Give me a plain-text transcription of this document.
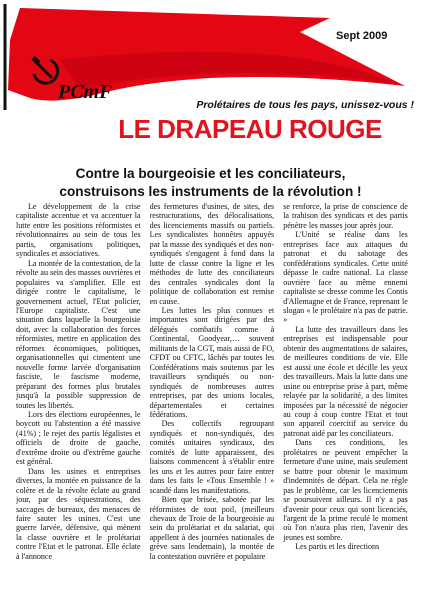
PCmF
Sept 2009
Prolétaires de tous les pays, unissez-vous !
LE DRAPEAU ROUGE
Contre la bourgeoisie et les conciliateurs,
construisons les instruments de la révolution !

Le développement de la crise capitaliste accentue et va accentuer la lutte entre les positions réformistes et révolutionnaires au sein de tous les partis, organisations politiques, syndicales et associatives.

La montée de la contestation, de la révolte au sein des masses ouvrières et populaires va s'amplifier. Elle est dirigée contre le capitalisme, le gouvernement actuel, l'Etat policier, l'Europe capitaliste. C'est une situation dans laquelle la bourgeoisie doit, avec la collaboration des forces réformistes, mettre en application des réformes économiques, politiques, organisationnelles qui cimentent une nouvelle forme larvée d'organisation fasciste, le fascisme moderne, préparant des formes plus brutales jusqu'à la possible suppression de toutes les libertés.

Lors des élections européennes, le boycott ou l'abstention a été massive (41%) ; le rejet des partis légalistes et officiels de droite de gauche, d'extrême droite ou d'extrême gauche est général.

Dans les usines et entreprises diverses, la montée en puissance de la colère et de la révolte éclate au grand jour, par des séquestrations, des saccages de bureaux, des menaces de faire sauter les usines. C'est une guerre larvée, défensive, qui mènent la classe ouvrière et le prolétariat contre l'Etat et le patronat. Elle éclate à l'annonce

des fermetures d'usines, de sites, des restructurations, des délocalisations, des licenciements massifs ou partiels. Les syndicalistes honnêtes appuyés par la masse des syndiqués et des non-syndiqués s'engagent à fond dans la lutte de classe contre la ligne et les méthodes de lutte des conciliateurs des centrales syndicales dont la politique de collaboration est remise en cause.

Les luttes les plus connues et importantes sont dirigées par des délégués combatifs comme à Continental, Goodyear,… souvent militants de la CGT, mais aussi de FO, CFDT ou CFTC, lâchés par toutes les Confédérations mais soutenus par les travailleurs syndiqués ou non-syndiqués de nombreuses autres entreprises, par des unions locales, départementales et certaines fédérations.

Des collectifs regroupant syndiqués et non-syndiqués, des comités unitaires syndicaux, des comités de lutte apparaissent, des liaisons commencent à s'établir entre les uns et les autres pour faire entrer dans les faits le «Tous Ensemble ! » scandé dans les manifestations.

Bien que brisée, sabotée par les réformistes de tout poil, (meilleurs chevaux de Troie de la bourgeoisie au sein du prolétariat et du salariat, qui appellent à des journées nationales de grève sans lendemain), la montée de la contestation ouvrière et populaire

se renforce, la prise de conscience de la trahison des syndicats et des partis pénètre les masses jour après jour.

L'Unité se réalise dans les entreprises face aux attaques du patronat et du sabotage des confédérations syndicales. Cette unité dépasse le cadre national. La classe ouvrière face au même ennemi capitaliste se dresse comme les Contis d'Allemagne et de France, reprenant le slogan « le prolétaire n'a pas de patrie. »

La lutte des travailleurs dans les entreprises est indispensable pour obtenir des augmentations de salaires, de meilleures conditions de vie. Elle est aussi une école et décille les yeux des travailleurs. Mais la lutte dans une usine ou entreprise prise à part, même relayée par la solidarité, a des limites imposées par la nécessité de négocier au coup à coup contre l'Etat et tout son appareil coercitif au service du patronat aidé par les conciliateurs.

Dans ces conditions, les prolétaires ne peuvent empêcher la fermeture d'une usine, mais seulement se battre pour obtenir le maximum d'indemnités de départ. Cela ne règle pas le problème, car les licenciements se poursuivent ailleurs. Il n'y a pas d'avenir pour ceux qui sont licenciés, l'argent de la prime reculé le moment où l'on n'aura plus rien, l'avenir des jeunes est sombre.

Les partis et les directions
